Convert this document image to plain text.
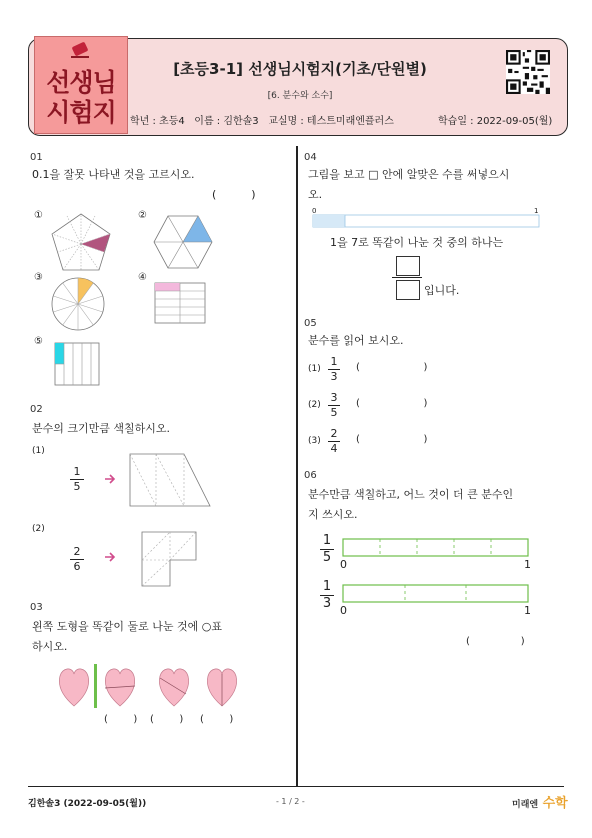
선생님
시험지
[초등3-1] 선생님시험지(기초/단원별)
[6. 분수와 소수]
학년 : 초등4 이름 : 김한솔3 교실명 : 테스트미래엔플러스	학습일 : 2022-09-05(월)
01
0.1을 잘못 나타낸 것을 고르시오.
(          )
①	②
③	④
⑤
02
분수의 크기만큼 색칠하시오.
(1)
1
5
(2)
2
6
03
왼쪽 도형을 똑같이 둘로 나눈 것에 ○표
하시오.
(        ) (        ) (        )
04
그림을 보고 □ 안에 알맞은 수를 써넣으시
오.
0	1
1을 7로 똑같이 나눈 것 중의 하나는
입니다.
05
분수를 읽어 보시오.
(1)
1
3
(                    )
(2)
3
5
(                    )
(3)
2
4
(                    )
06
분수만큼 색칠하고, 어느 것이 더 큰 분수인
지 쓰시오.
1
5 0	1
1
3 0	1
(                )
김한솔3 (2022-09-05(월))	- 1 / 2 -	미래엔 수학
